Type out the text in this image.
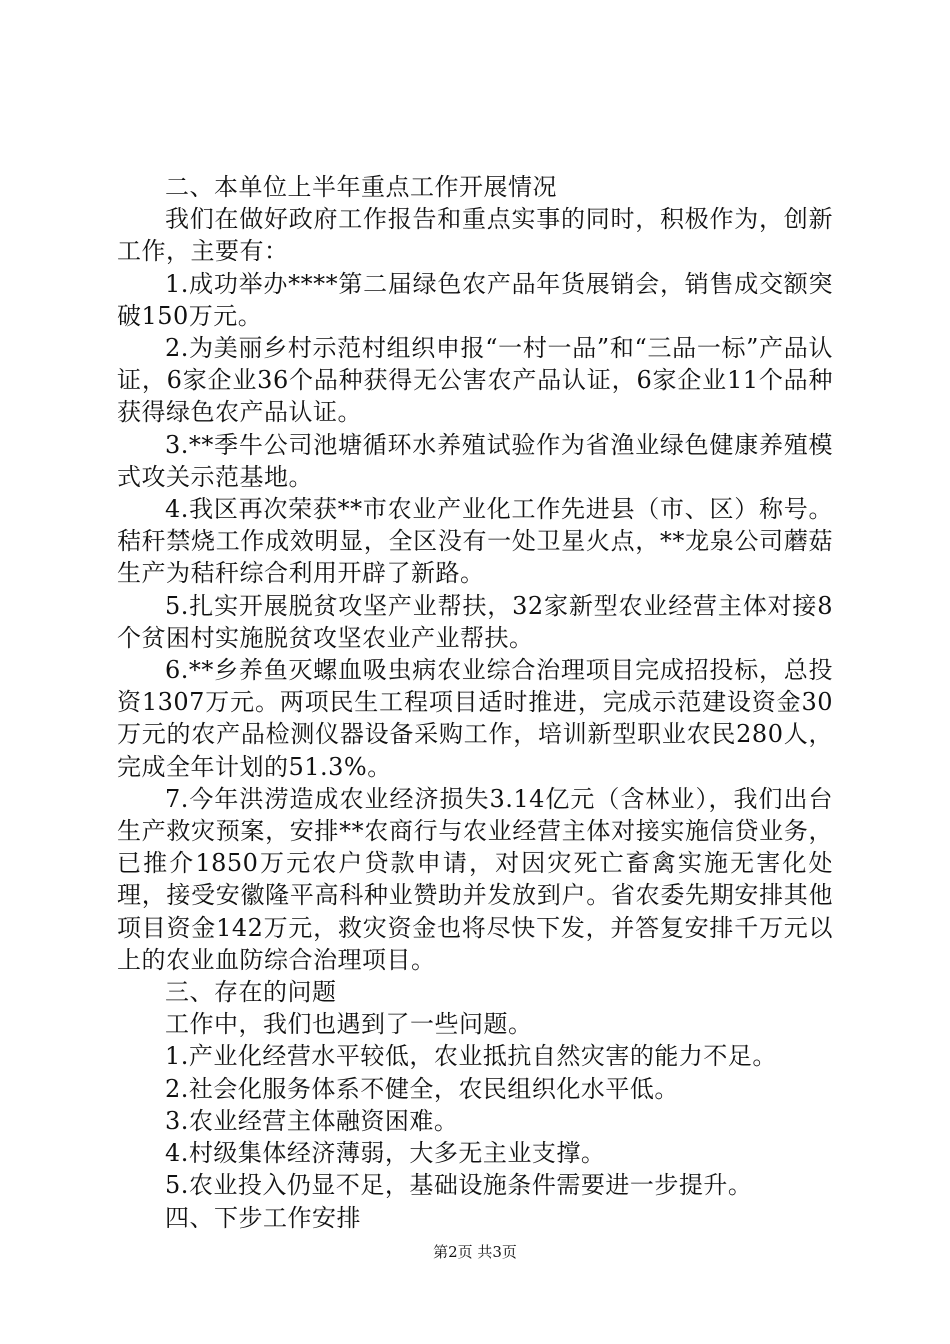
二、本单位上半年重点工作开展情况

我们在做好政府工作报告和重点实事的同时，积极作为，创新工作，主要有：

1.成功举办****第二届绿色农产品年货展销会，销售成交额突破150万元。

2.为美丽乡村示范村组织申报“一村一品”和“三品一标”产品认证，6家企业36个品种获得无公害农产品认证，6家企业11个品种获得绿色农产品认证。

3.**季牛公司池塘循环水养殖试验作为省渔业绿色健康养殖模式攻关示范基地。

4.我区再次荣获**市农业产业化工作先进县（市、区）称号。秸秆禁烧工作成效明显，全区没有一处卫星火点，**龙泉公司蘑菇生产为秸秆综合利用开辟了新路。

5.扎实开展脱贫攻坚产业帮扶，32家新型农业经营主体对接8个贫困村实施脱贫攻坚农业产业帮扶。

6.**乡养鱼灭螺血吸虫病农业综合治理项目完成招投标，总投资1307万元。两项民生工程项目适时推进，完成示范建设资金30万元的农产品检测仪器设备采购工作，培训新型职业农民280人，完成全年计划的51.3%。

7.今年洪涝造成农业经济损失3.14亿元（含林业），我们出台生产救灾预案，安排**农商行与农业经营主体对接实施信贷业务，已推介1850万元农户贷款申请，对因灾死亡畜禽实施无害化处理，接受安徽隆平高科种业赞助并发放到户。省农委先期安排其他项目资金142万元，救灾资金也将尽快下发，并答复安排千万元以上的农业血防综合治理项目。

三、存在的问题

工作中，我们也遇到了一些问题。

1.产业化经营水平较低，农业抵抗自然灾害的能力不足。

2.社会化服务体系不健全，农民组织化水平低。

3.农业经营主体融资困难。

4.村级集体经济薄弱，大多无主业支撑。

5.农业投入仍显不足，基础设施条件需要进一步提升。

四、下步工作安排

第2页 共3页
